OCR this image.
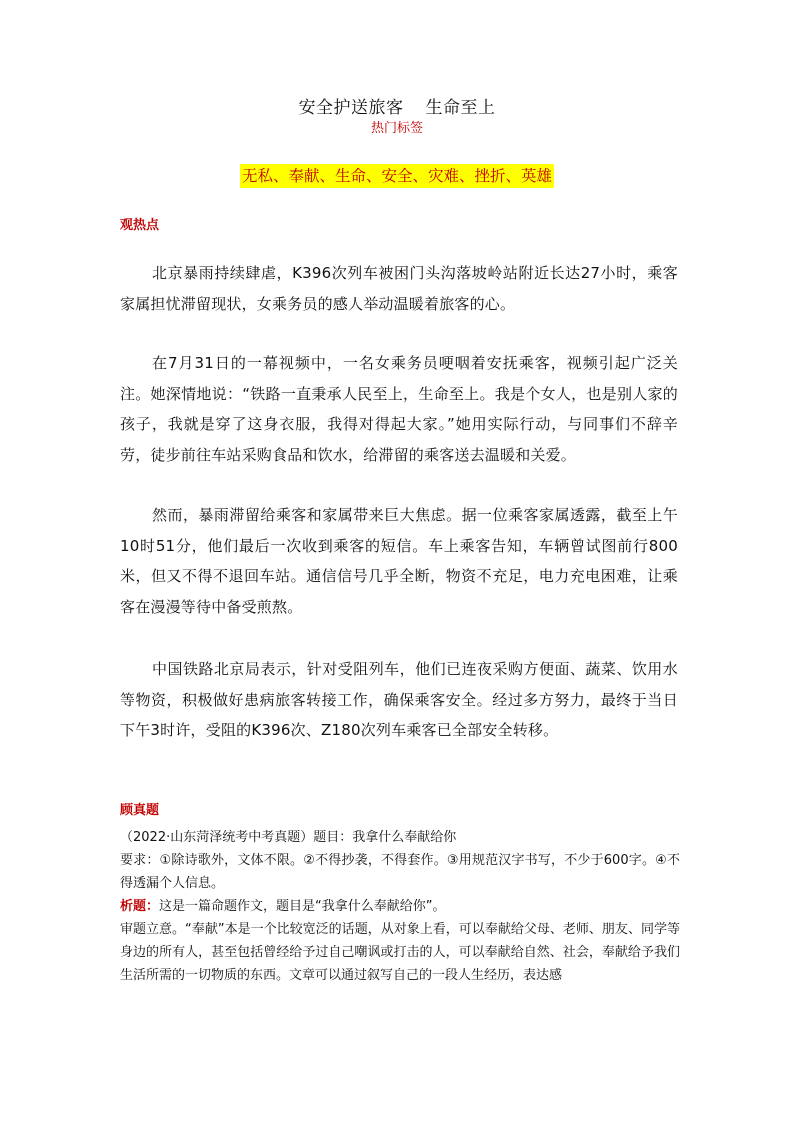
安全护送旅客 生命至上
热门标签
无私、奉献、生命、安全、灾难、挫折、英雄
观热点
北京暴雨持续肆虐，K396次列车被困门头沟落坡岭站附近长达27小时，乘客家属担忧滞留现状，女乘务员的感人举动温暖着旅客的心。
在7月31日的一幕视频中，一名女乘务员哽咽着安抚乘客，视频引起广泛关注。她深情地说：“铁路一直秉承人民至上，生命至上。我是个女人，也是别人家的孩子，我就是穿了这身衣服，我得对得起大家。”她用实际行动，与同事们不辞辛劳，徒步前往车站采购食品和饮水，给滞留的乘客送去温暖和关爱。
然而，暴雨滞留给乘客和家属带来巨大焦虑。据一位乘客家属透露，截至上午10时51分，他们最后一次收到乘客的短信。车上乘客告知，车辆曾试图前行800米，但又不得不退回车站。通信信号几乎全断，物资不充足，电力充电困难，让乘客在漫漫等待中备受煎熬。
中国铁路北京局表示，针对受阻列车，他们已连夜采购方便面、蔬菜、饮用水等物资，积极做好患病旅客转接工作，确保乘客安全。经过多方努力，最终于当日下午3时许，受阻的K396次、Z180次列车乘客已全部安全转移。
顾真题

（2022·山东菏泽统考中考真题）题目：我拿什么奉献给你

要求：①除诗歌外，文体不限。②不得抄袭，不得套作。③用规范汉字书写，不少于600字。④不得透漏个人信息。

析题：这是一篇命题作文，题目是“我拿什么奉献给你”。

审题立意。“奉献”本是一个比较宽泛的话题，从对象上看，可以奉献给父母、老师、朋友、同学等身边的所有人，甚至包括曾经给予过自己嘲讽或打击的人，可以奉献给自然、社会，奉献给予我们生活所需的一切物质的东西。文章可以通过叙写自己的一段人生经历，表达感
